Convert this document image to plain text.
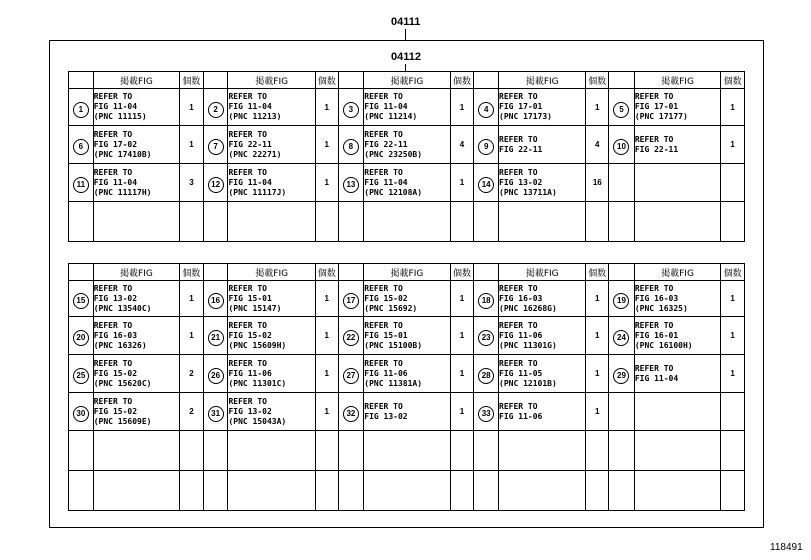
04111
04112
	掲載FIG	個数		掲載FIG	個数		掲載FIG	個数		掲載FIG	個数		掲載FIG	個数
1	REFER TO
FIG 11-04
(PNC 11115)	1	2	REFER TO
FIG 11-04
(PNC 11213)	1	3	REFER TO
FIG 11-04
(PNC 11214)	1	4	REFER TO
FIG 17-01
(PNC 17173)	1	5	REFER TO
FIG 17-01
(PNC 17177)	1
6	REFER TO
FIG 17-02
(PNC 17410B)	1	7	REFER TO
FIG 22-11
(PNC 22271)	1	8	REFER TO
FIG 22-11
(PNC 23250B)	4	9	REFER TO
FIG 22-11	4	10	REFER TO
FIG 22-11	1
11	REFER TO
FIG 11-04
(PNC 11117H)	3	12	REFER TO
FIG 11-04
(PNC 11117J)	1	13	REFER TO
FIG 11-04
(PNC 12108A)	1	14	REFER TO
FIG 13-02
(PNC 13711A)	16			

	掲載FIG	個数		掲載FIG	個数		掲載FIG	個数		掲載FIG	個数		掲載FIG	個数
15	REFER TO
FIG 13-02
(PNC 13540C)	1	16	REFER TO
FIG 15-01
(PNC 15147)	1	17	REFER TO
FIG 15-02
(PNC 15692)	1	18	REFER TO
FIG 16-03
(PNC 16268G)	1	19	REFER TO
FIG 16-03
(PNC 16325)	1
20	REFER TO
FIG 16-03
(PNC 16326)	1	21	REFER TO
FIG 15-02
(PNC 15609H)	1	22	REFER TO
FIG 15-01
(PNC 15100B)	1	23	REFER TO
FIG 11-06
(PNC 11301G)	1	24	REFER TO
FIG 16-01
(PNC 16100H)	1
25	REFER TO
FIG 15-02
(PNC 15620C)	2	26	REFER TO
FIG 11-06
(PNC 11301C)	1	27	REFER TO
FIG 11-06
(PNC 11381A)	1	28	REFER TO
FIG 11-05
(PNC 12101B)	1	29	REFER TO
FIG 11-04	1
30	REFER TO
FIG 15-02
(PNC 15609E)	2	31	REFER TO
FIG 13-02
(PNC 15043A)	1	32	REFER TO
FIG 13-02	1	33	REFER TO
FIG 11-06	1			

118491
